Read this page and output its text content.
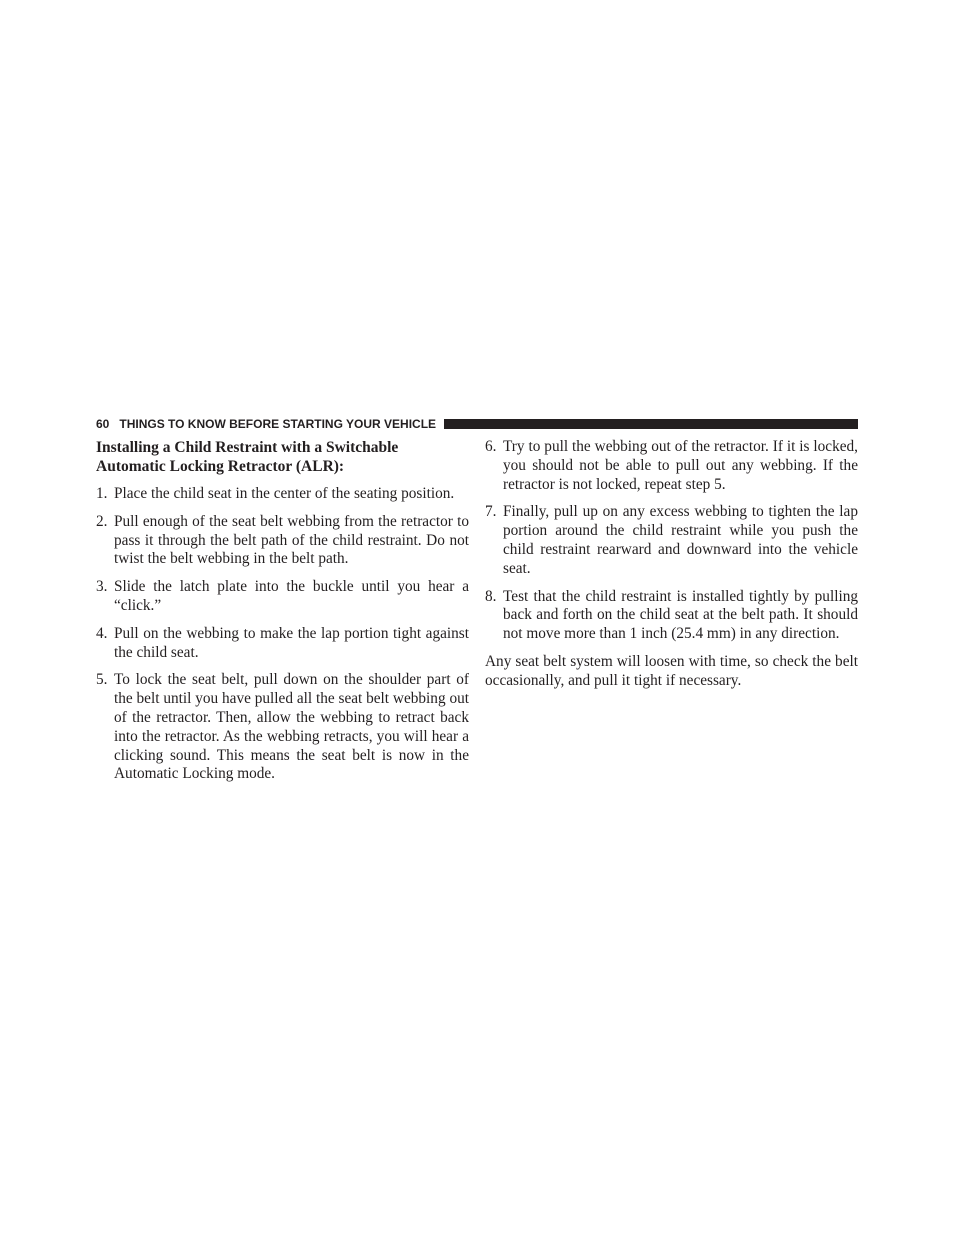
60 THINGS TO KNOW BEFORE STARTING YOUR VEHICLE
Installing a Child Restraint with a Switchable Automatic Locking Retractor (ALR):
1. Place the child seat in the center of the seating position.
2. Pull enough of the seat belt webbing from the retractor to pass it through the belt path of the child restraint. Do not twist the belt webbing in the belt path.
3. Slide the latch plate into the buckle until you hear a “click.”
4. Pull on the webbing to make the lap portion tight against the child seat.
5. To lock the seat belt, pull down on the shoulder part of the belt until you have pulled all the seat belt webbing out of the retractor. Then, allow the webbing to retract back into the retractor. As the webbing retracts, you will hear a clicking sound. This means the seat belt is now in the Automatic Locking mode.
6. Try to pull the webbing out of the retractor. If it is locked, you should not be able to pull out any webbing. If the retractor is not locked, repeat step 5.
7. Finally, pull up on any excess webbing to tighten the lap portion around the child restraint while you push the child restraint rearward and downward into the vehicle seat.
8. Test that the child restraint is installed tightly by pulling back and forth on the child seat at the belt path. It should not move more than 1 inch (25.4 mm) in any direction.

Any seat belt system will loosen with time, so check the belt occasionally, and pull it tight if necessary.
